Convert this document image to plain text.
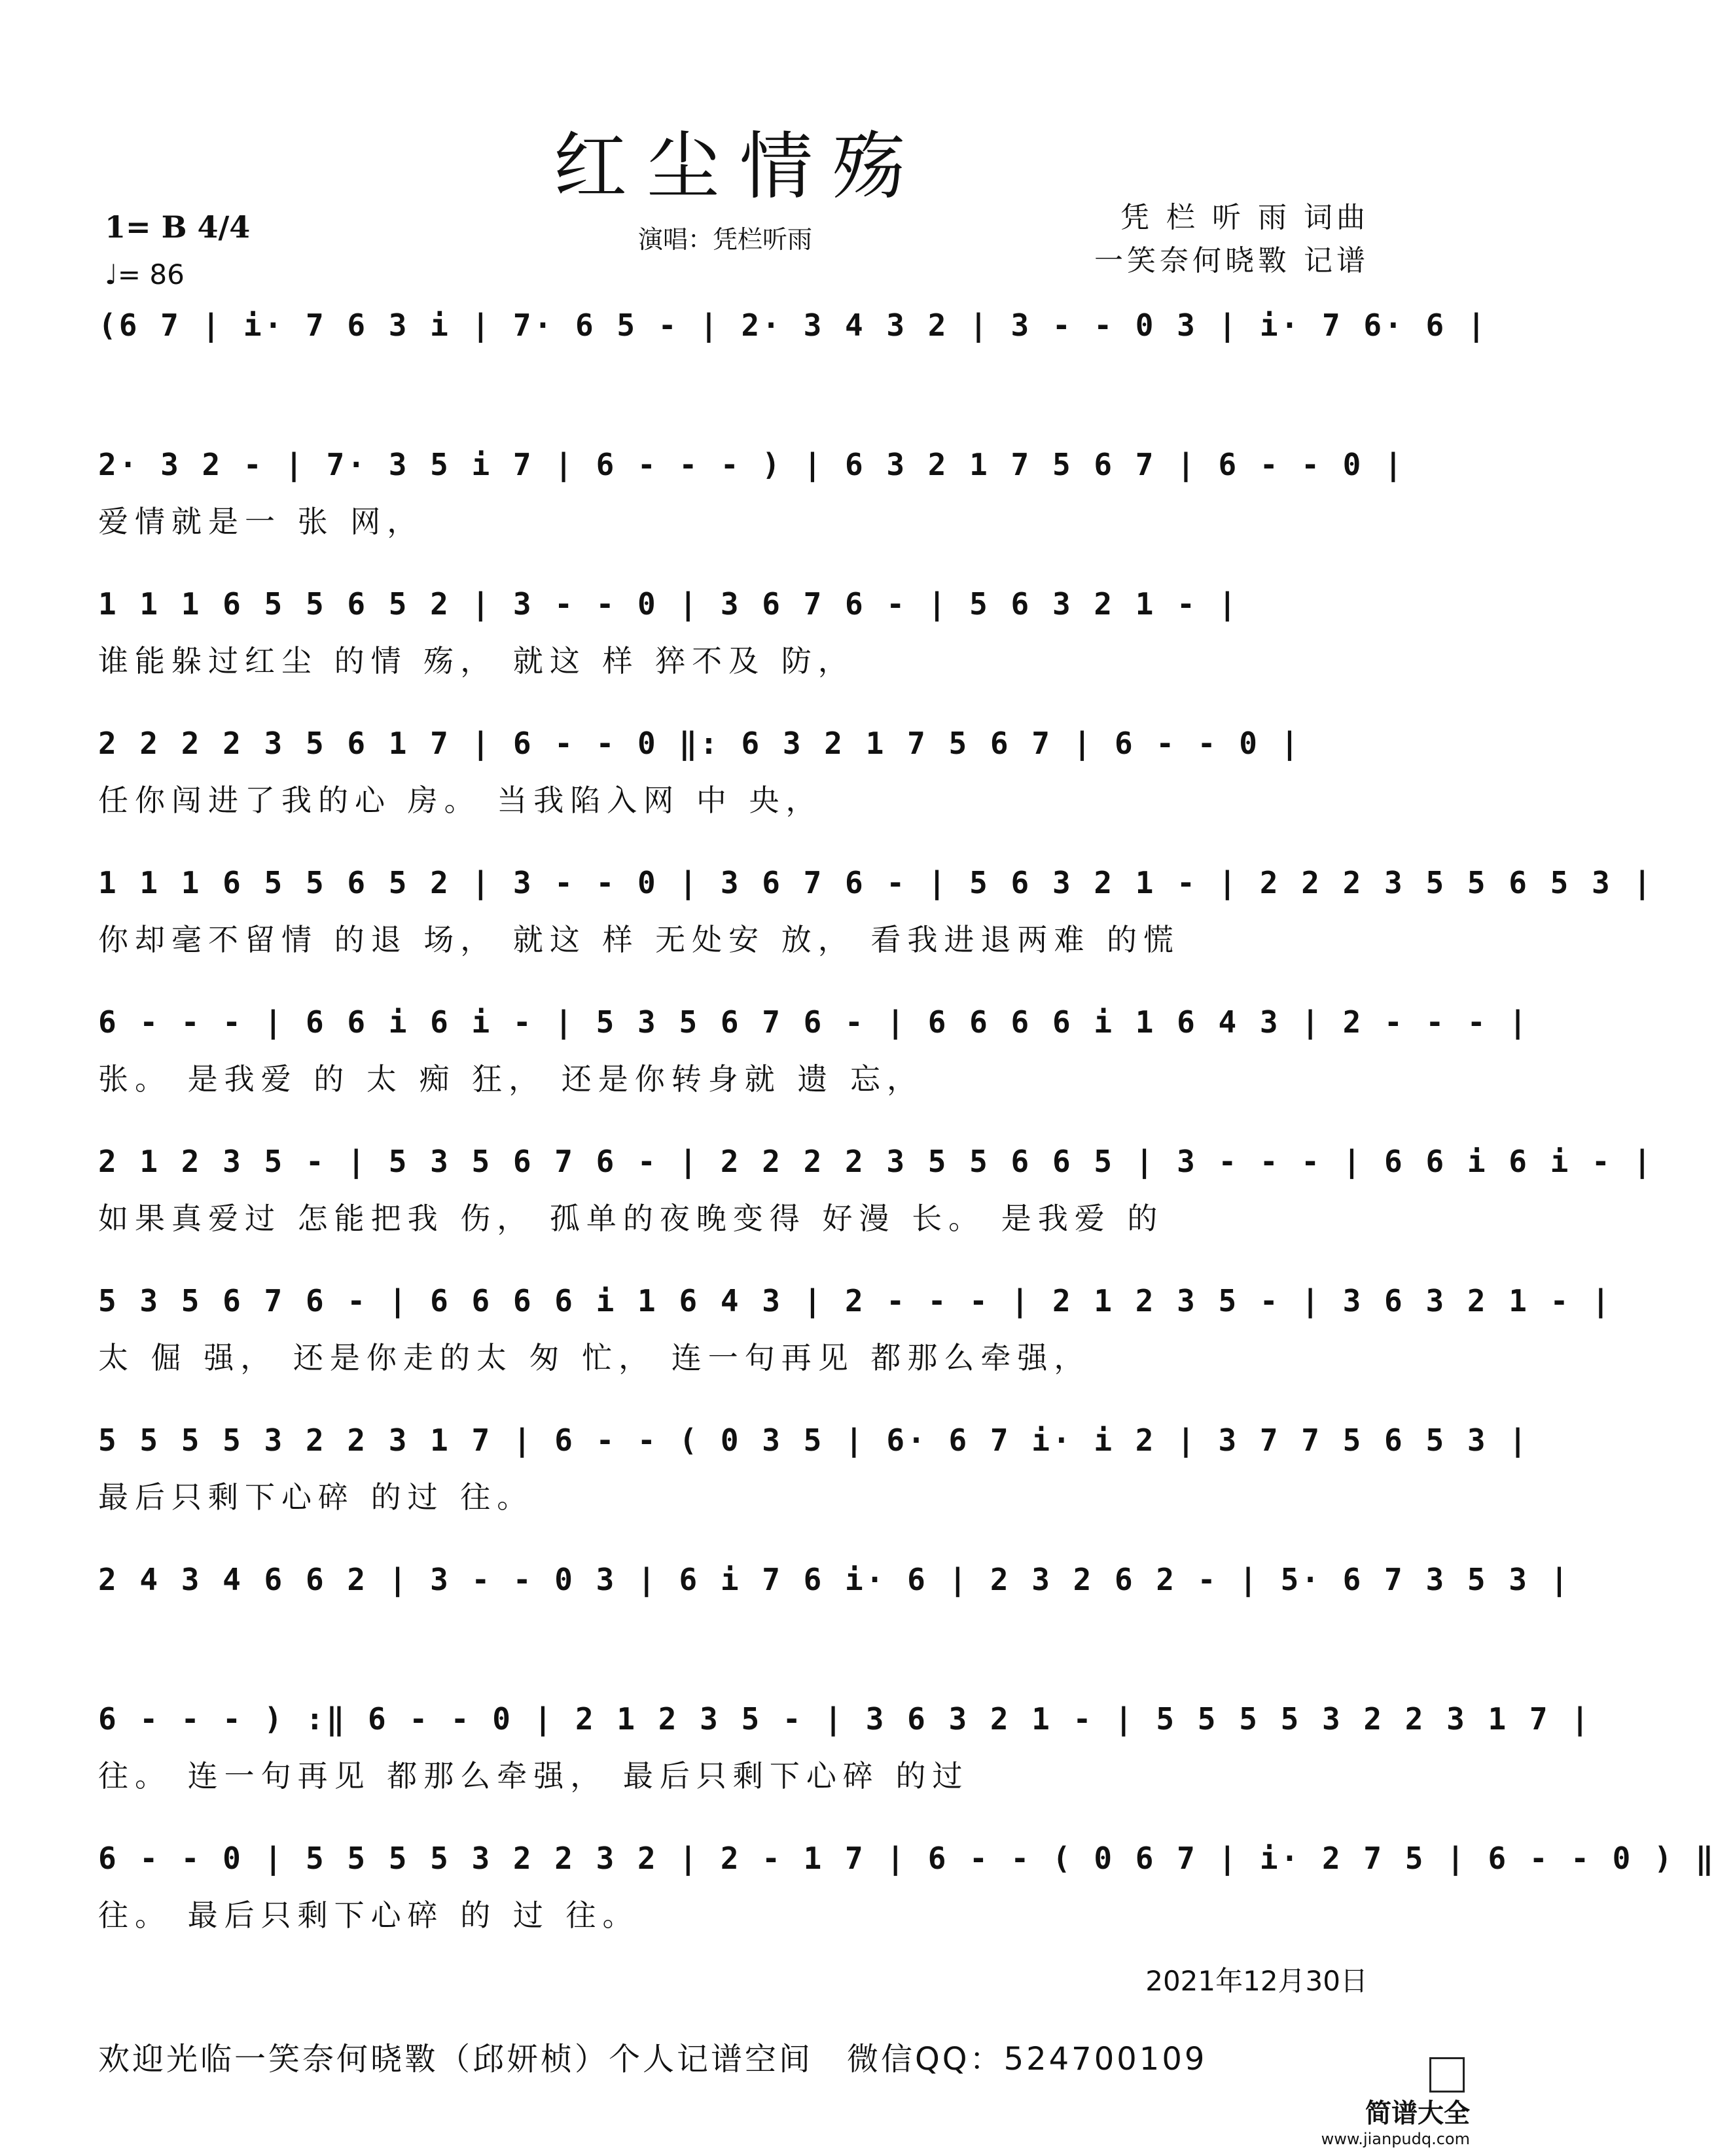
红尘情殇
1= B 4/4
♩= 86
演唱：凭栏听雨
凭 栏 听 雨 词曲
一笑奈何晓斁 记谱
(6 7 | i· 7 6 3 i | 7· 6 5 - | 2· 3 4 3 2 | 3 - - 0 3 | i· 7 6· 6 |
2· 3 2 - | 7· 3 5 i 7 | 6 - - - ) | 6 3 2 1 7 5 6 7 | 6 - - 0 |
爱情就是一 张 网，
1 1 1 6 5 5 6 5 2 | 3 - - 0 | 3 6 7 6 - | 5 6 3 2 1 - |
谁能躲过红尘 的情 殇， 就这 样 猝不及 防，
2 2 2 2 3 5 6 1 7 | 6 - - 0 ‖: 6 3 2 1 7 5 6 7 | 6 - - 0 |
任你闯进了我的心 房。 当我陷入网 中 央，
1 1 1 6 5 5 6 5 2 | 3 - - 0 | 3 6 7 6 - | 5 6 3 2 1 - | 2 2 2 3 5 5 6 5 3 |
你却毫不留情 的退 场， 就这 样 无处安 放， 看我进退两难 的慌
6 - - - | 6 6 i 6 i - | 5 3 5 6 7 6 - | 6 6 6 6 i 1 6 4 3 | 2 - - - |
张。 是我爱 的 太 痴 狂， 还是你转身就 遗 忘，
2 1 2 3 5 - | 5 3 5 6 7 6 - | 2 2 2 2 3 5 5 6 6 5 | 3 - - - | 6 6 i 6 i - |
如果真爱过 怎能把我 伤， 孤单的夜晚变得 好漫 长。 是我爱 的
5 3 5 6 7 6 - | 6 6 6 6 i 1 6 4 3 | 2 - - - | 2 1 2 3 5 - | 3 6 3 2 1 - |
太 倔 强， 还是你走的太 匆 忙， 连一句再见 都那么牵强，
5 5 5 5 3 2 2 3 1 7 | 6 - - ( 0 3 5 | 6· 6 7 i· i 2 | 3 7 7 5 6 5 3 |
最后只剩下心碎 的过 往。
2 4 3 4 6 6 2 | 3 - - 0 3 | 6 i 7 6 i· 6 | 2 3 2 6 2 - | 5· 6 7 3 5 3 |
6 - - - ) :‖ 6 - - 0 | 2 1 2 3 5 - | 3 6 3 2 1 - | 5 5 5 5 3 2 2 3 1 7 |
往。 连一句再见 都那么牵强， 最后只剩下心碎 的过
6 - - 0 | 5 5 5 5 3 2 2 3 2 | 2 - 1 7 | 6 - - ( 0 6 7 | i· 2 7 5 | 6 - - 0 ) ‖
往。 最后只剩下心碎 的 过 往。
2021年12月30日
欢迎光临一笑奈何晓斁（邱妍桢）个人记谱空间　微信QQ：524700109
简谱大全
www.jianpudq.com
